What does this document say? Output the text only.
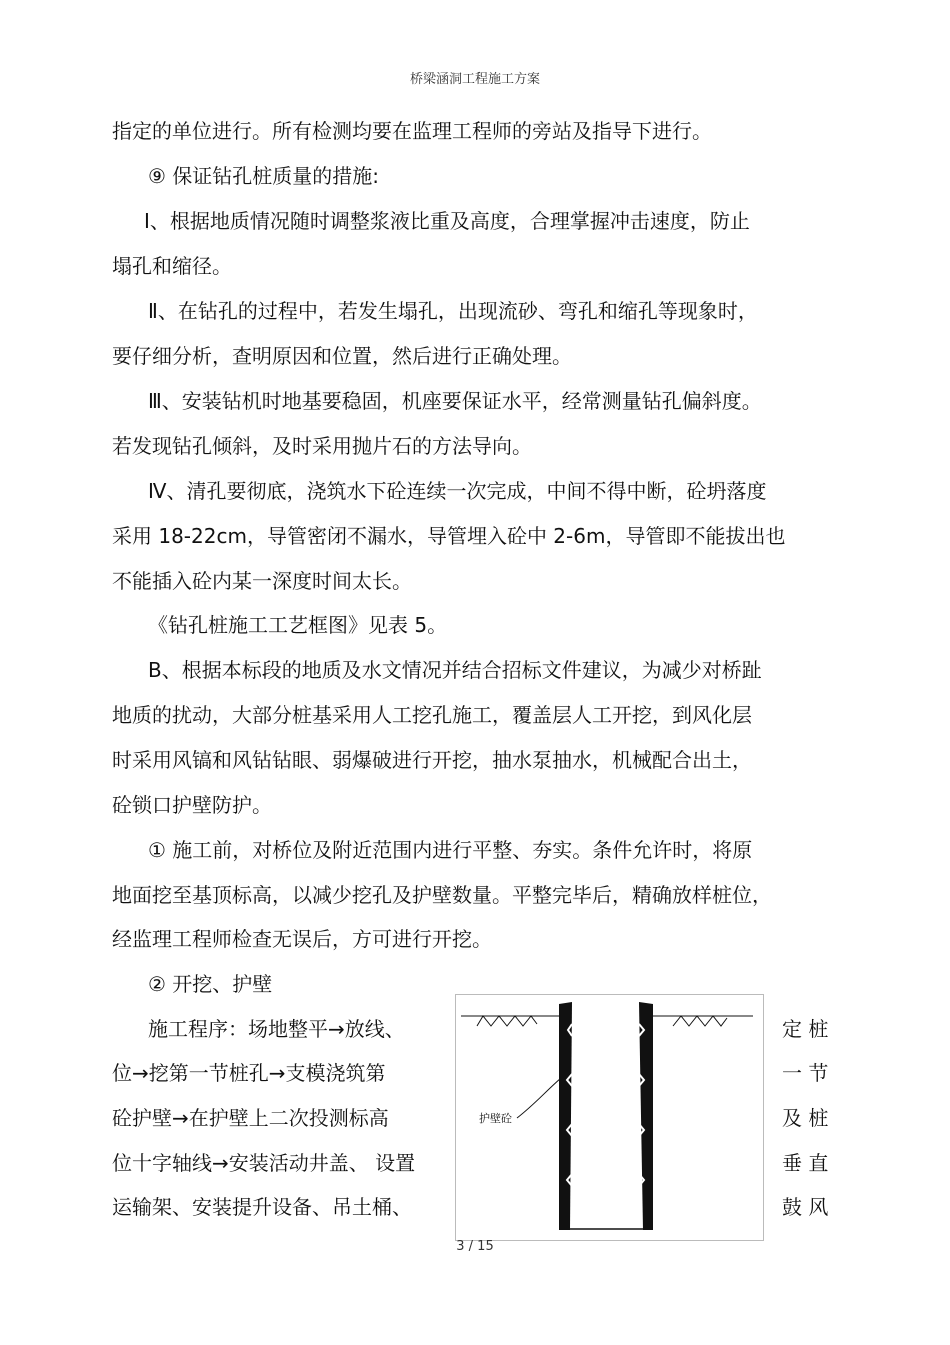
桥梁涵洞工程施工方案
指定的单位进行。所有检测均要在监理工程师的旁站及指导下进行。
⑨ 保证钻孔桩质量的措施:
Ⅰ、根据地质情况随时调整浆液比重及高度，合理掌握冲击速度，防止
塌孔和缩径。
Ⅱ、在钻孔的过程中，若发生塌孔，出现流砂、弯孔和缩孔等现象时，
要仔细分析，查明原因和位置，然后进行正确处理。
Ⅲ、安装钻机时地基要稳固，机座要保证水平，经常测量钻孔偏斜度。
若发现钻孔倾斜，及时采用抛片石的方法导向。
Ⅳ、清孔要彻底，浇筑水下砼连续一次完成，中间不得中断，砼坍落度
采用 18-22cm，导管密闭不漏水，导管埋入砼中 2-6m，导管即不能拔出也
不能插入砼内某一深度时间太长。
《钻孔桩施工工艺框图》见表 5。
B、根据本标段的地质及水文情况并结合招标文件建议，为减少对桥趾
地质的扰动，大部分桩基采用人工挖孔施工，覆盖层人工开挖，到风化层
时采用风镐和风钻钻眼、弱爆破进行开挖，抽水泵抽水，机械配合出土，
砼锁口护壁防护。
① 施工前，对桥位及附近范围内进行平整、夯实。条件允许时，将原
地面挖至基顶标高，以减少挖孔及护壁数量。平整完毕后，精确放样桩位，
经监理工程师检查无误后，方可进行开挖。
② 开挖、护壁
施工程序：场地整平→放线、
位→挖第一节桩孔→支模浇筑第
砼护壁→在护壁上二次投测标高
位十字轴线→安装活动井盖、 设置
运输架、安装提升设备、吊土桶、
定 桩
一 节
及 桩
垂 直
鼓 风
护壁砼
3 / 15
